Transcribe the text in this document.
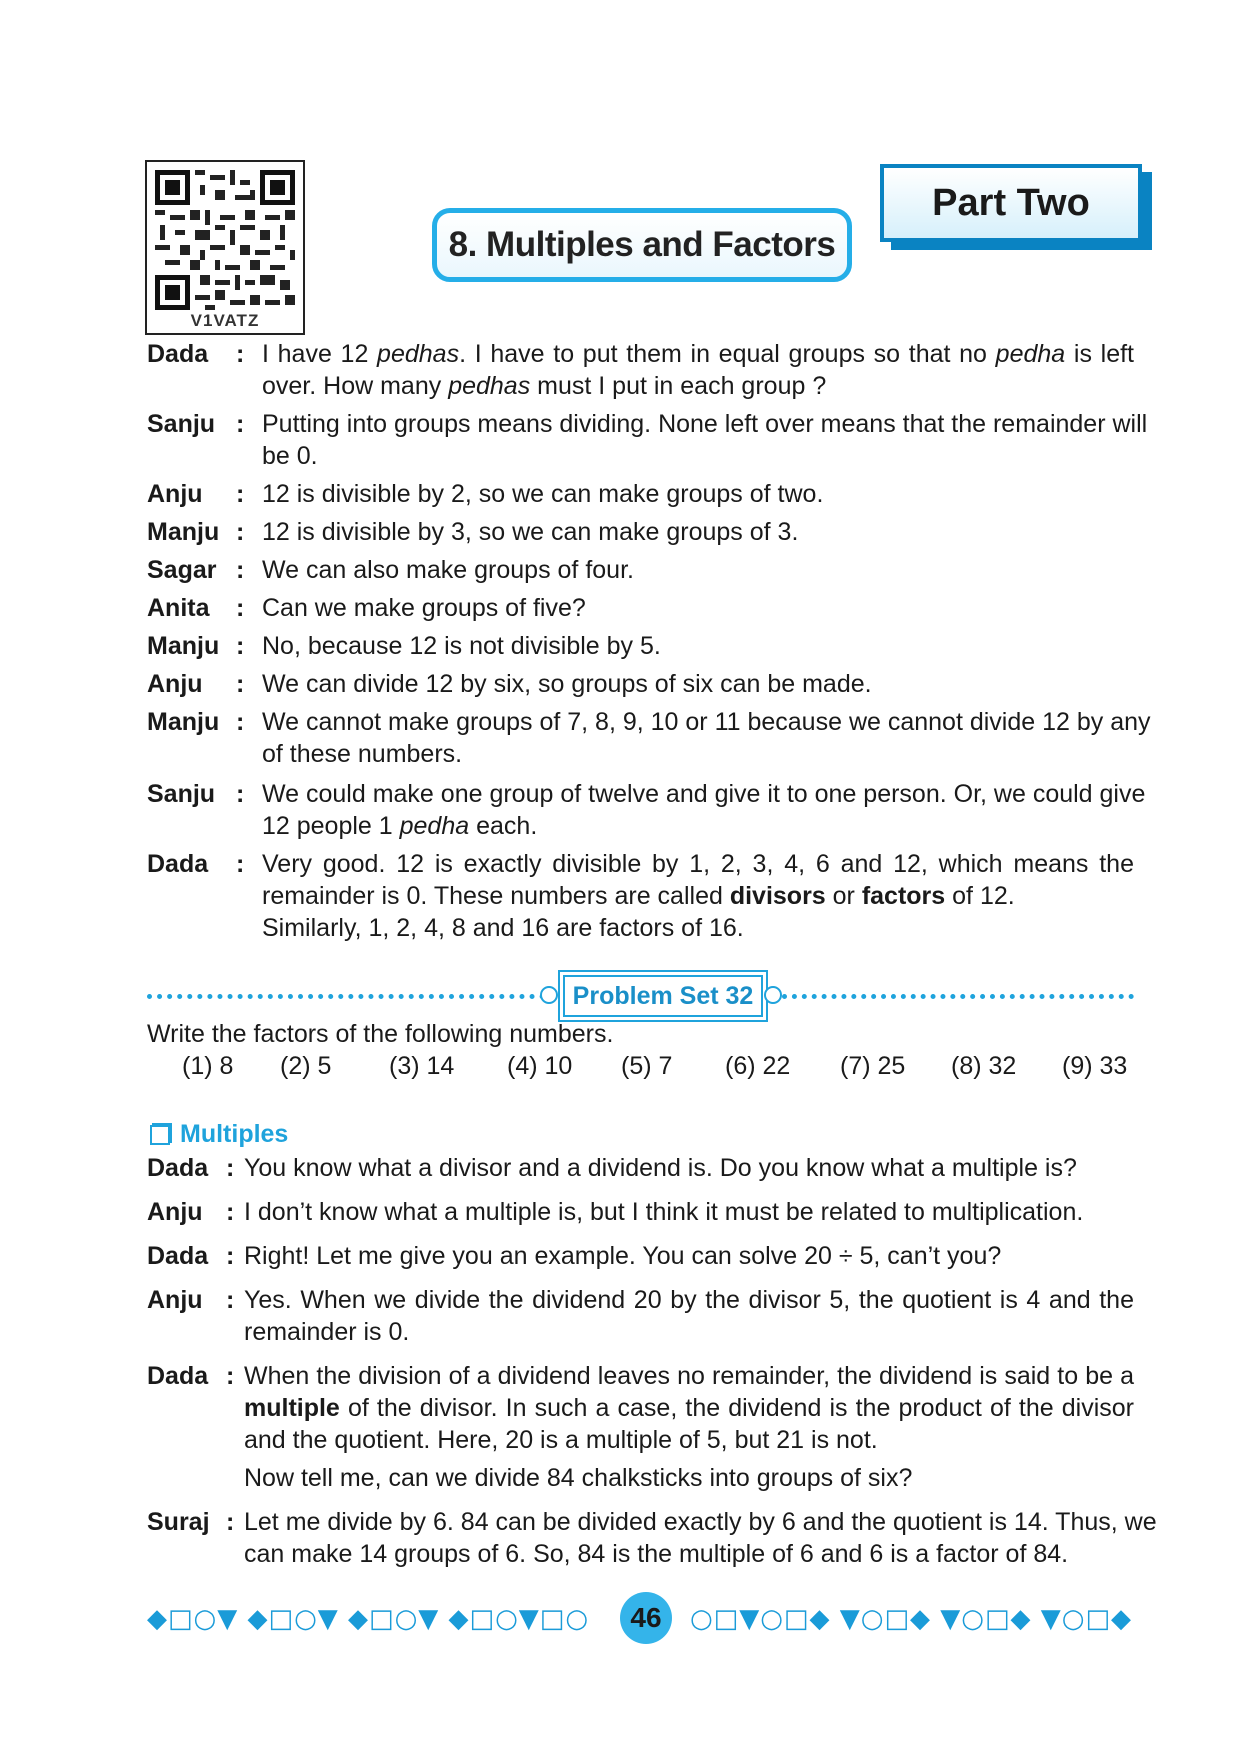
V1VATZ
8. Multiples and Factors
Part Two
Dada : I have 12 pedhas. I have to put them in equal groups so that no pedha is left
over. How many pedhas must I put in each group ?
Sanju : Putting into groups means dividing. None left over means that the remainder will
be 0.
Anju : 12 is divisible by 2, so we can make groups of two.
Manju : 12 is divisible by 3, so we can make groups of 3.
Sagar : We can also make groups of four.
Anita : Can we make groups of five?
Manju : No, because 12 is not divisible by 5.
Anju : We can divide 12 by six, so groups of six can be made.
Manju : We cannot make groups of 7, 8, 9, 10 or 11 because we cannot divide 12 by any
of these numbers.
Sanju : We could make one group of twelve and give it to one person. Or, we could give
12 people 1 pedha each.
Dada : Very good. 12 is exactly divisible by 1, 2, 3, 4, 6 and 12, which means the
remainder is 0. These numbers are called divisors or factors of 12.
Similarly, 1, 2, 4, 8 and 16 are factors of 16.
Problem Set 32
Write the factors of the following numbers.
(1) 8 (2) 5 (3) 14 (4) 10 (5) 7 (6) 22 (7) 25 (8) 32 (9) 33
Multiples
Dada : You know what a divisor and a dividend is. Do you know what a multiple is?
Anju : I don’t know what a multiple is, but I think it must be related to multiplication.
Dada : Right! Let me give you an example. You can solve 20 ÷ 5, can’t you?
Anju : Yes. When we divide the dividend 20 by the divisor 5, the quotient is 4 and the
remainder is 0.
Dada : When the division of a dividend leaves no remainder, the dividend is said to be a
multiple of the divisor. In such a case, the dividend is the product of the divisor
and the quotient. Here, 20 is a multiple of 5, but 21 is not.
Now tell me, can we divide 84 chalksticks into groups of six?
Suraj : Let me divide by 6. 84 can be divided exactly by 6 and the quotient is 14. Thus, we
can make 14 groups of 6. So, 84 is the multiple of 6 and 6 is a factor of 84.
◆□○▼ ◆□○▼ ◆□○▼ ◆□○▼□○	46	○□▼○□◆ ▼○□◆ ▼○□◆ ▼○□◆
